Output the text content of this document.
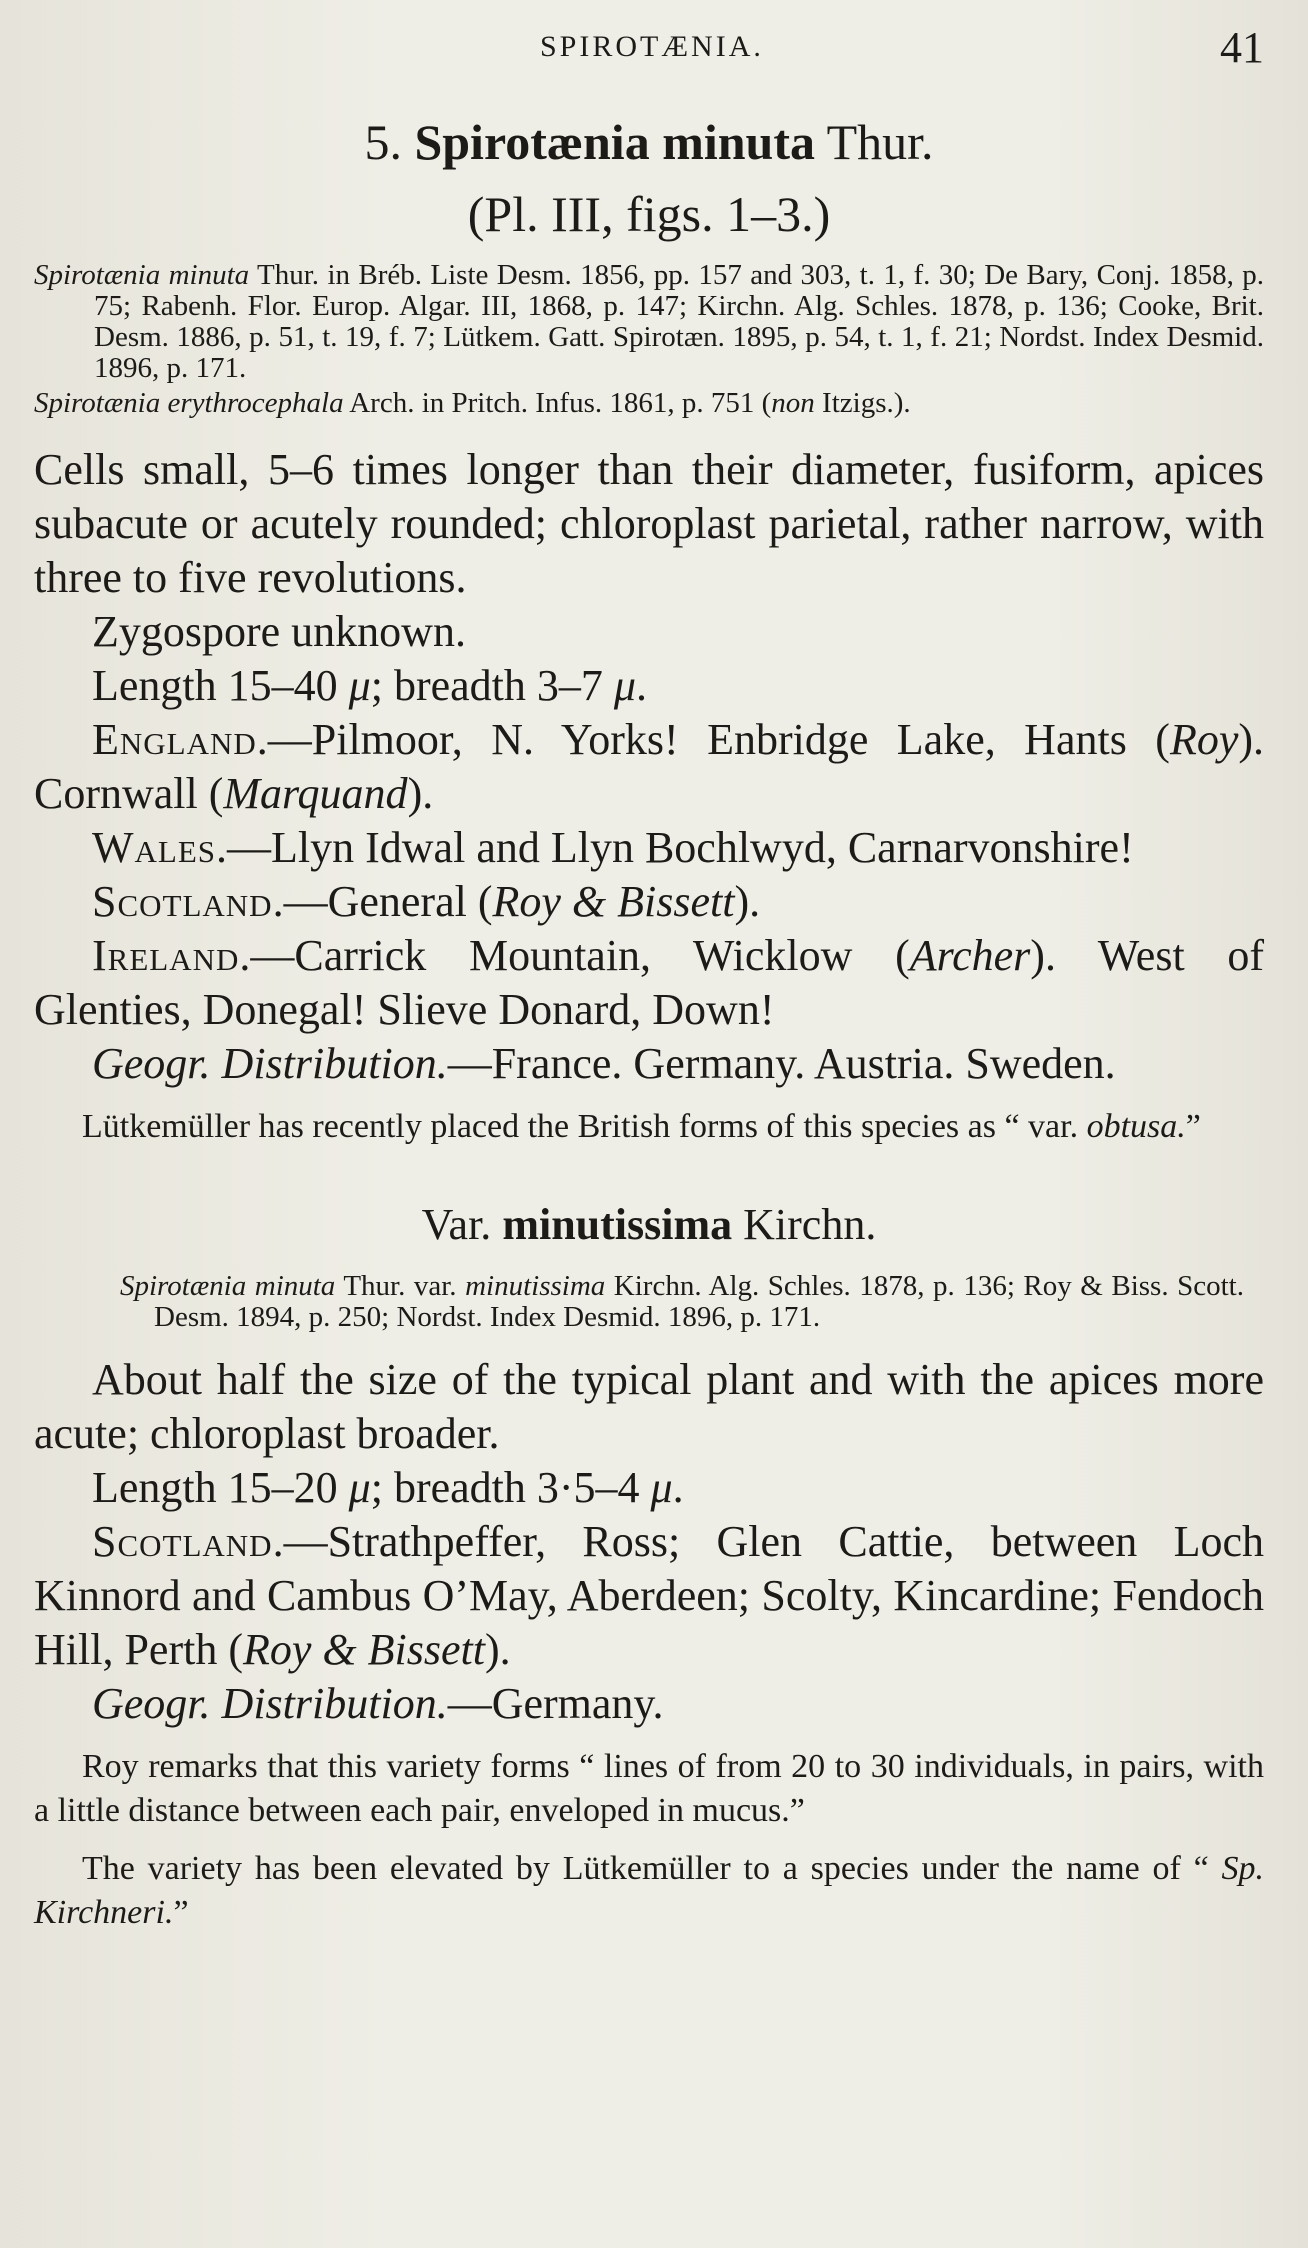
SPIROTÆNIA.	41

5. Spirotænia minuta Thur.

(Pl. III, figs. 1–3.)

Spirotænia minuta Thur. in Bréb. Liste Desm. 1856, pp. 157 and 303, t. 1, f. 30; De Bary, Conj. 1858, p. 75; Rabenh. Flor. Europ. Algar. III, 1868, p. 147; Kirchn. Alg. Schles. 1878, p. 136; Cooke, Brit. Desm. 1886, p. 51, t. 19, f. 7; Lütkem. Gatt. Spirotæn. 1895, p. 54, t. 1, f. 21; Nordst. Index Desmid. 1896, p. 171.

Spirotænia erythrocephala Arch. in Pritch. Infus. 1861, p. 751 (non Itzigs.).

Cells small, 5–6 times longer than their diameter, fusiform, apices subacute or acutely rounded; chloroplast parietal, rather narrow, with three to five revolutions.

Zygospore unknown.

Length 15–40 μ; breadth 3–7 μ.

England.—Pilmoor, N. Yorks! Enbridge Lake, Hants (Roy). Cornwall (Marquand).

Wales.—Llyn Idwal and Llyn Bochlwyd, Carnarvonshire!

Scotland.—General (Roy & Bissett).

Ireland.—Carrick Mountain, Wicklow (Archer). West of Glenties, Donegal! Slieve Donard, Down!

Geogr. Distribution.—France. Germany. Austria. Sweden.

Lütkemüller has recently placed the British forms of this species as “ var. obtusa.”

Var. minutissima Kirchn.

Spirotænia minuta Thur. var. minutissima Kirchn. Alg. Schles. 1878, p. 136; Roy & Biss. Scott. Desm. 1894, p. 250; Nordst. Index Desmid. 1896, p. 171.

About half the size of the typical plant and with the apices more acute; chloroplast broader.

Length 15–20 μ; breadth 3·5–4 μ.

Scotland.—Strathpeffer, Ross; Glen Cattie, between Loch Kinnord and Cambus O’May, Aberdeen; Scolty, Kincardine; Fendoch Hill, Perth (Roy & Bissett).

Geogr. Distribution.—Germany.

Roy remarks that this variety forms “ lines of from 20 to 30 individuals, in pairs, with a little distance between each pair, enveloped in mucus.”

The variety has been elevated by Lütkemüller to a species under the name of “ Sp. Kirchneri.”
